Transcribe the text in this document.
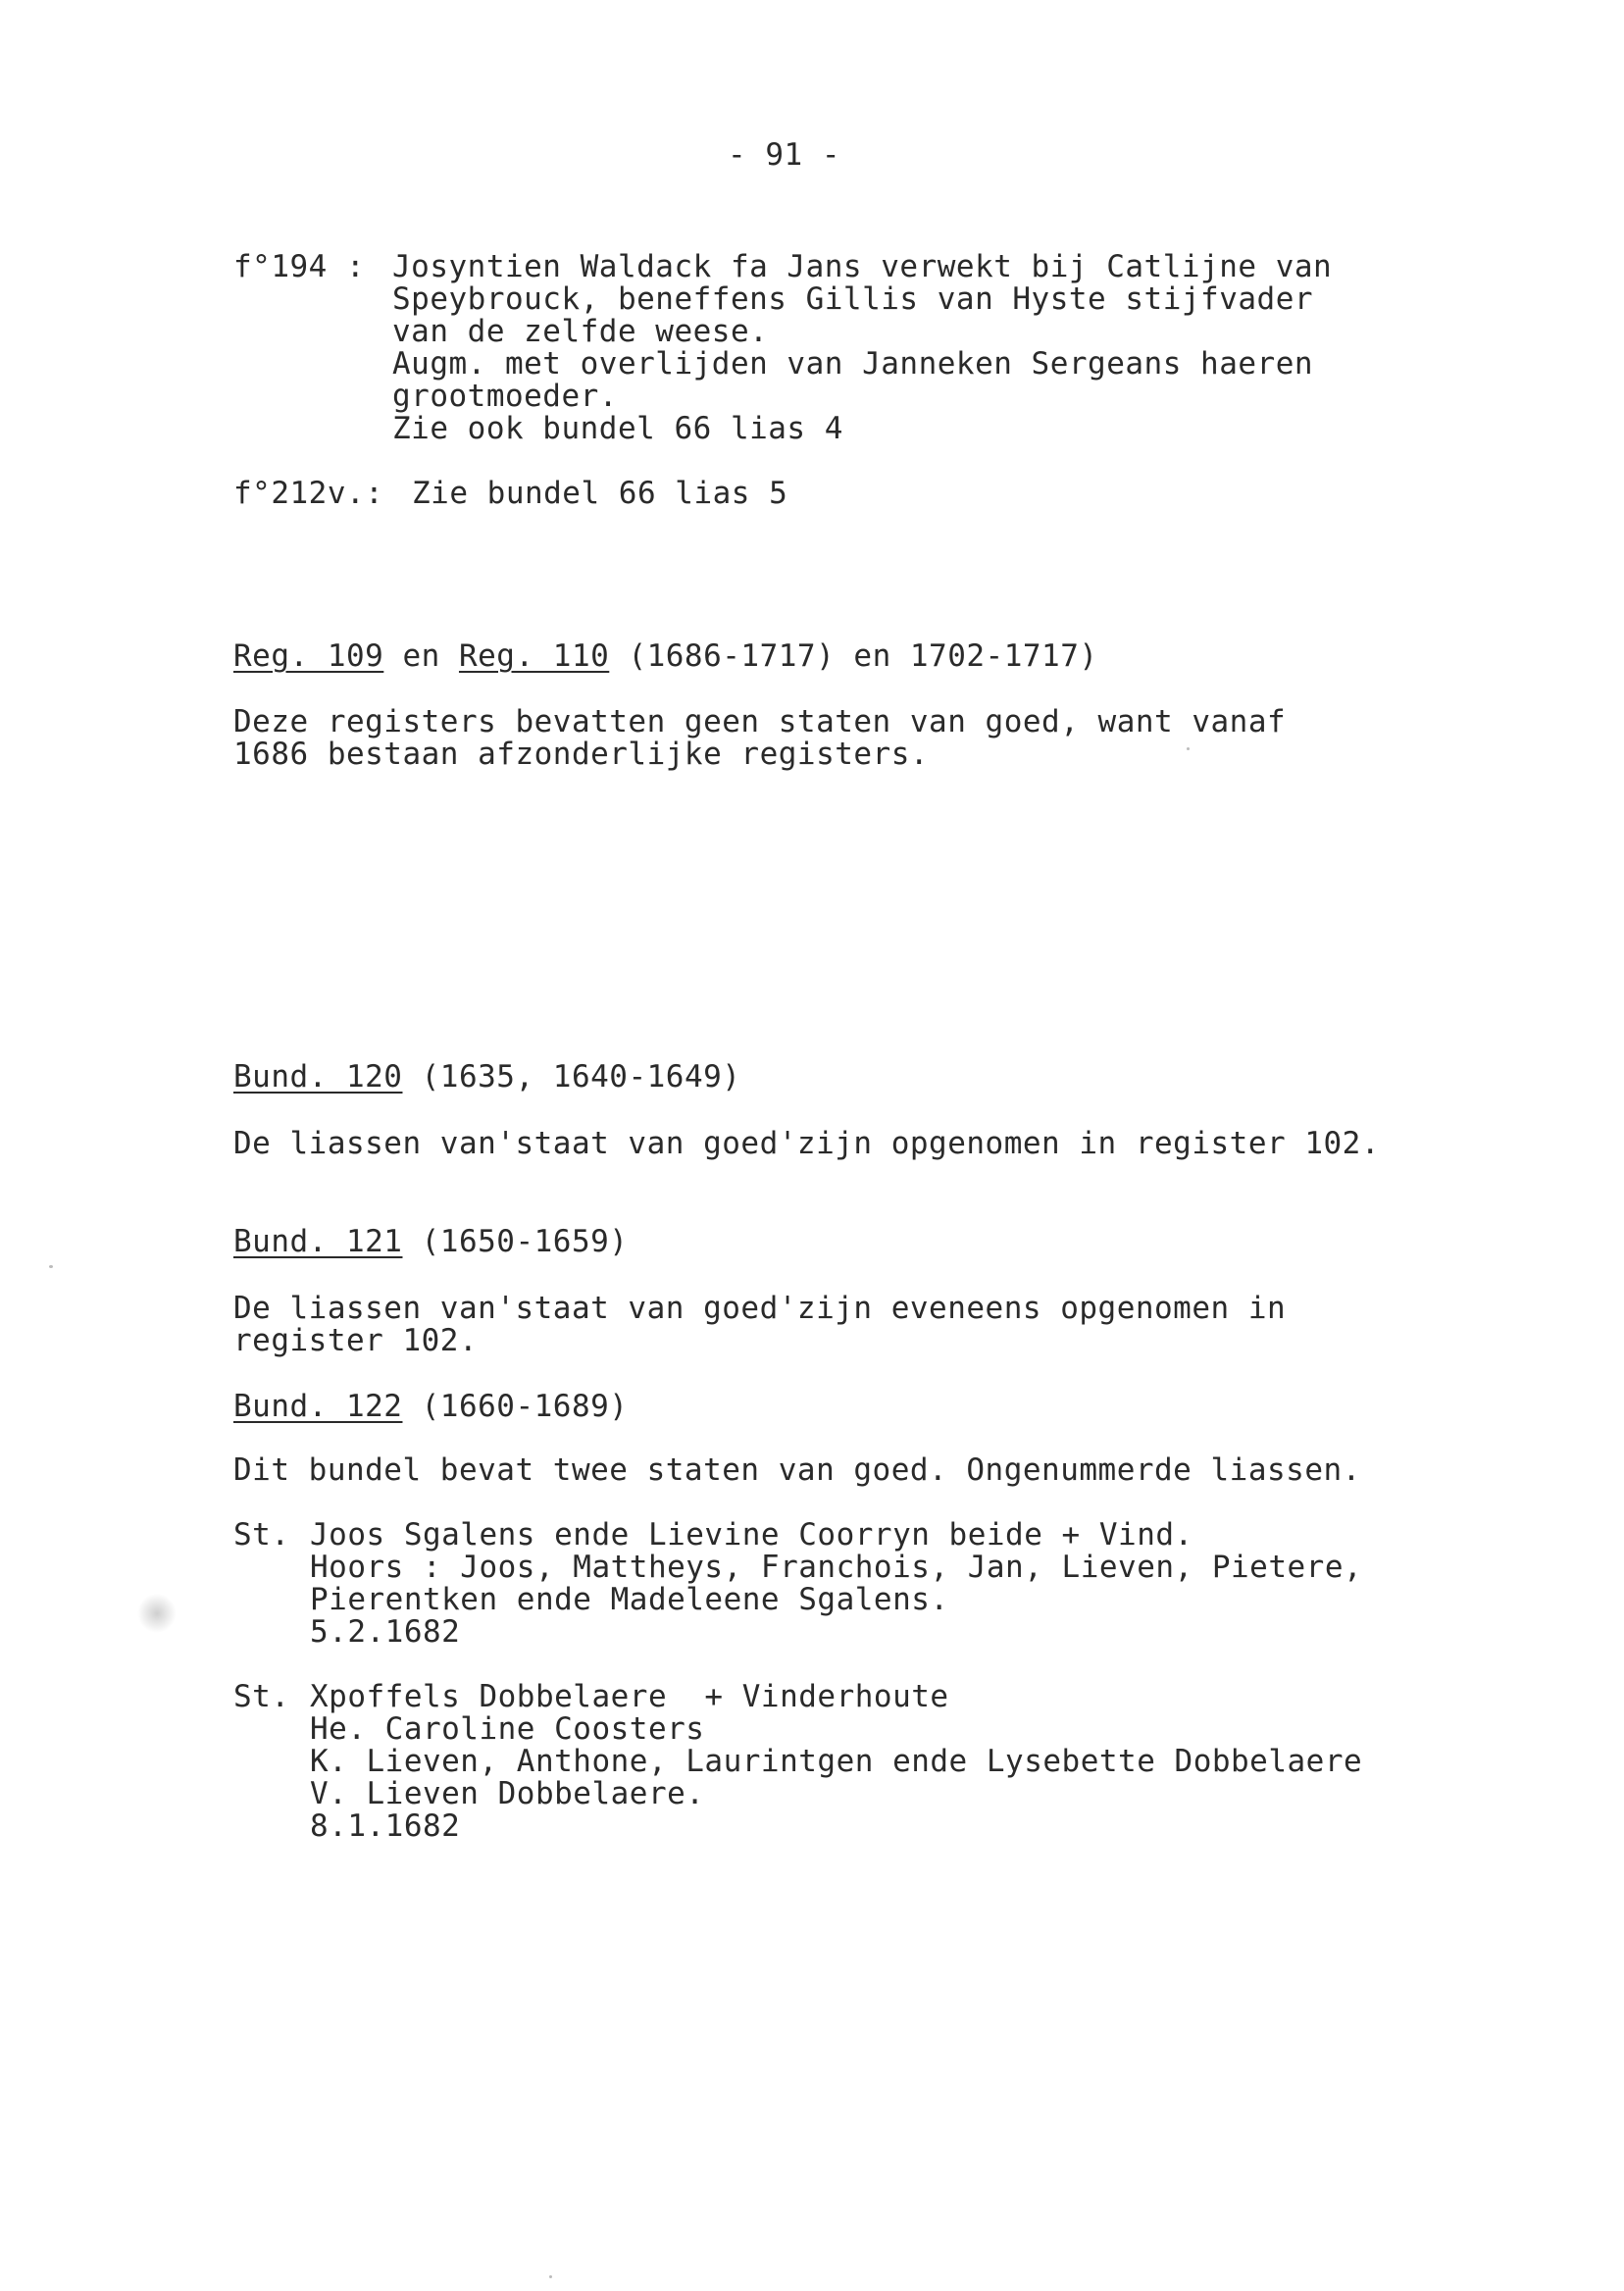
- 91 -
f°194 : Josyntien Waldack fa Jans verwekt bij Catlijne van
Speybrouck, beneffens Gillis van Hyste stijfvader
van de zelfde weese.
Augm. met overlijden van Janneken Sergeans haeren
grootmoeder.
Zie ook bundel 66 lias 4
f°212v.: Zie bundel 66 lias 5
Reg. 109 en Reg. 110 (1686-1717) en 1702-1717)
Deze registers bevatten geen staten van goed, want vanaf
1686 bestaan afzonderlijke registers.
Bund. 120 (1635, 1640-1649)
De liassen van'staat van goed'zijn opgenomen in register 102.
Bund. 121 (1650-1659)
De liassen van'staat van goed'zijn eveneens opgenomen in
register 102.
Bund. 122 (1660-1689)
Dit bundel bevat twee staten van goed. Ongenummerde liassen.
St. Joos Sgalens ende Lievine Coorryn beide + Vind.
Hoors : Joos, Mattheys, Franchois, Jan, Lieven, Pietere,
Pierentken ende Madeleene Sgalens.
5.2.1682
St. Xpoffels Dobbelaere  + Vinderhoute
He. Caroline Coosters
K. Lieven, Anthone, Laurintgen ende Lysebette Dobbelaere
V. Lieven Dobbelaere.
8.1.1682
